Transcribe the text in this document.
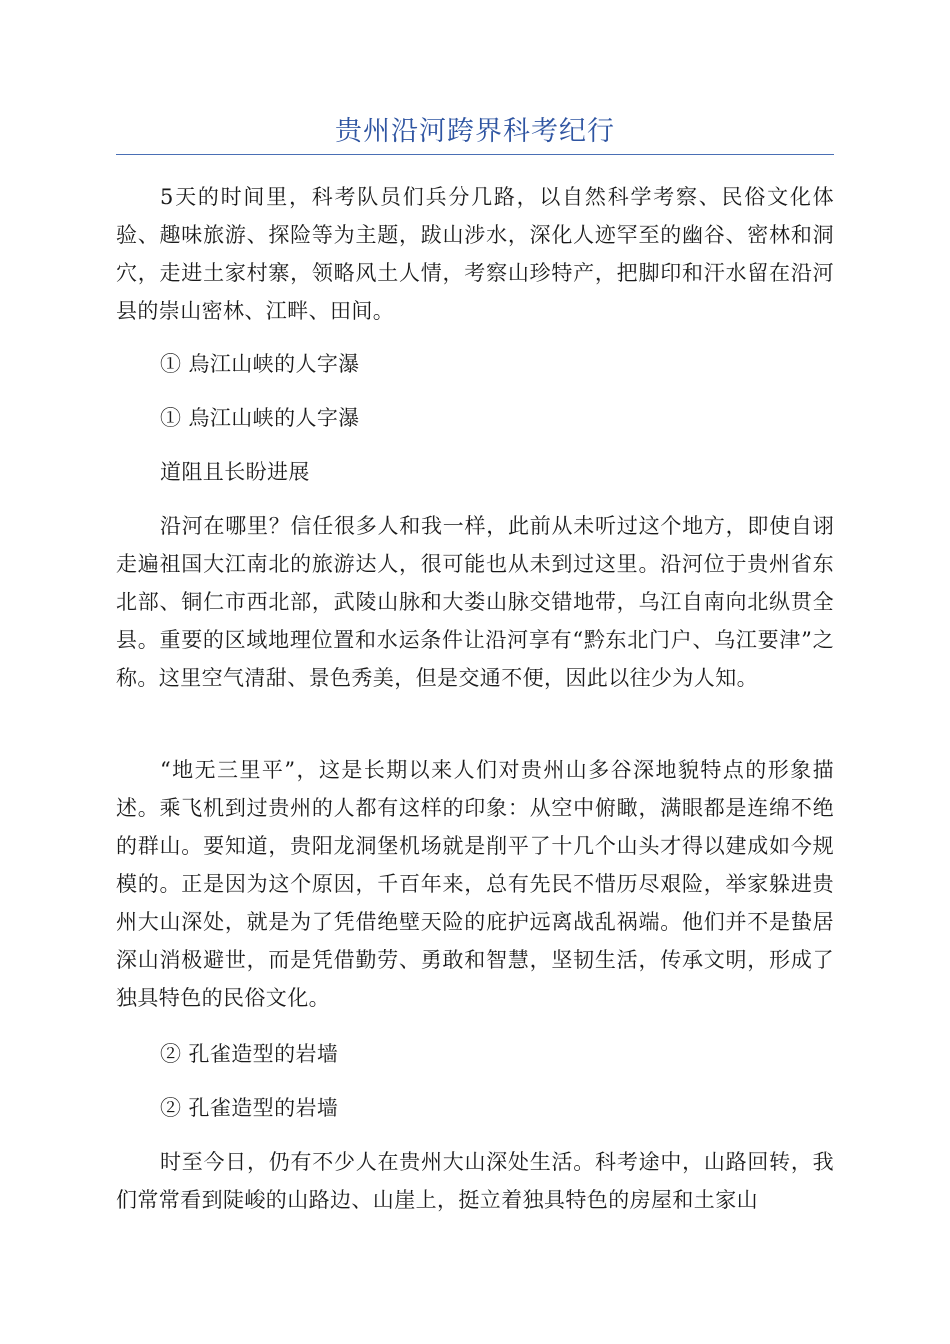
贵州沿河跨界科考纪行

5天的时间里，科考队员们兵分几路，以自然科学考察、民俗文化体验、趣味旅游、探险等为主题，跋山涉水，深化人迹罕至的幽谷、密林和洞穴，走进土家村寨，领略风土人情，考察山珍特产，把脚印和汗水留在沿河县的崇山密林、江畔、田间。

① 烏江山峡的人字瀑

① 烏江山峡的人字瀑

道阻且长盼进展

沿河在哪里？信任很多人和我一样，此前从未听过这个地方，即使自诩走遍祖国大江南北的旅游达人，很可能也从未到过这里。沿河位于贵州省东北部、铜仁市西北部，武陵山脉和大娄山脉交错地带，乌江自南向北纵贯全县。重要的区域地理位置和水运条件让沿河享有“黔东北门户、乌江要津”之称。这里空气清甜、景色秀美，但是交通不便，因此以往少为人知。

“地无三里平”，这是长期以来人们对贵州山多谷深地貌特点的形象描述。乘飞机到过贵州的人都有这样的印象：从空中俯瞰，满眼都是连绵不绝的群山。要知道，贵阳龙洞堡机场就是削平了十几个山头才得以建成如今规模的。正是因为这个原因，千百年来，总有先民不惜历尽艰险，举家躲进贵州大山深处，就是为了凭借绝壁天险的庇护远离战乱祸端。他们并不是蛰居深山消极避世，而是凭借勤劳、勇敢和智慧，坚韧生活，传承文明，形成了独具特色的民俗文化。

② 孔雀造型的岩墙

② 孔雀造型的岩墙

时至今日，仍有不少人在贵州大山深处生活。科考途中，山路回转，我们常常看到陡峻的山路边、山崖上，挺立着独具特色的房屋和土家山
